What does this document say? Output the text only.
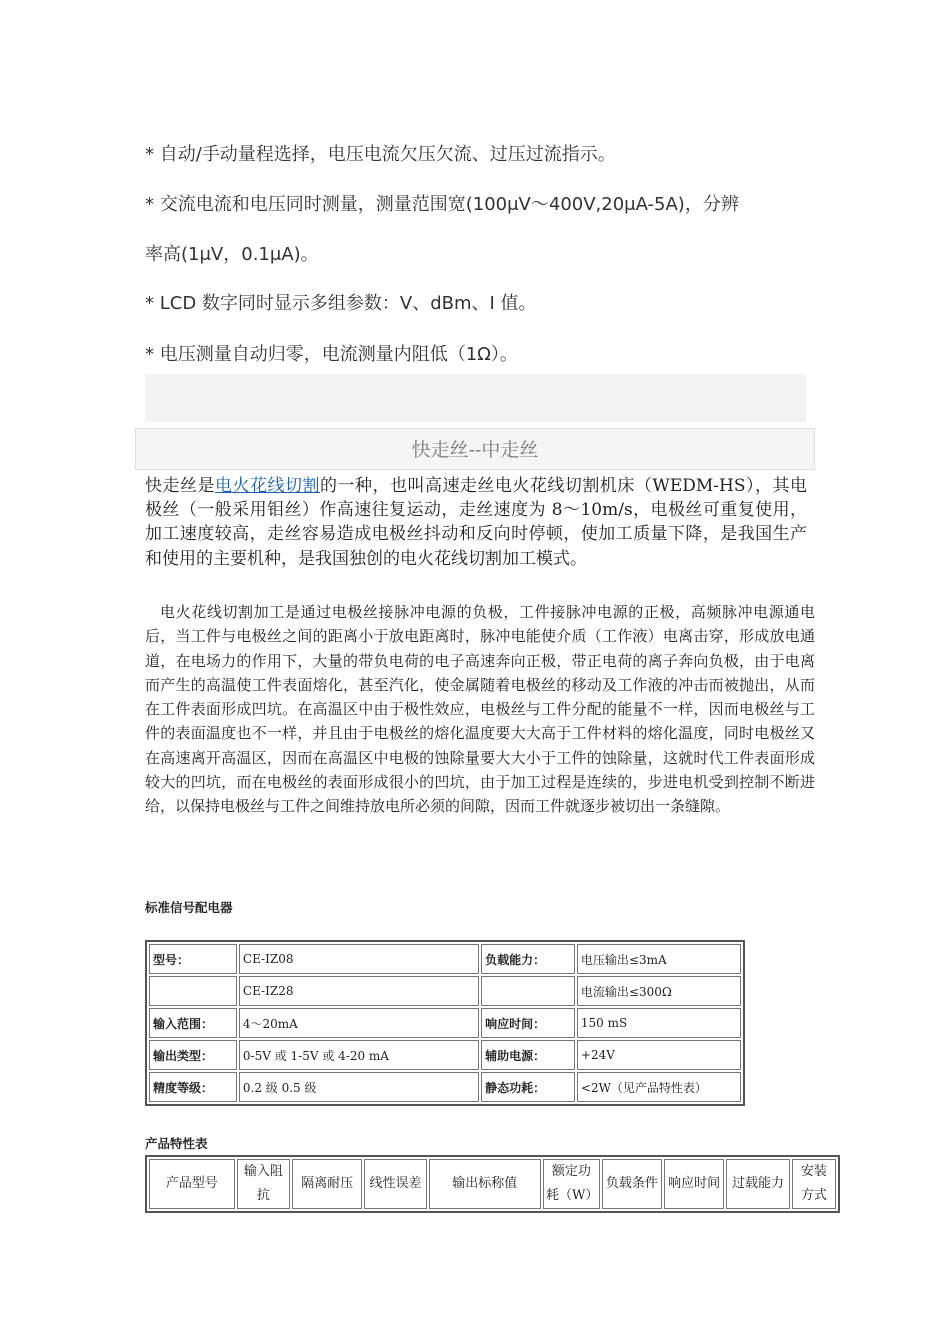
* 自动/手动量程选择，电压电流欠压欠流、过压过流指示。
* 交流电流和电压同时测量，测量范围宽(100μV～400V,20μA-5A)，分辨
率高(1μV，0.1μA)。
* LCD 数字同时显示多组参数：V、dBm、I 值。
* 电压测量自动归零，电流测量内阻低（1Ω）。
快走丝--中走丝
快走丝是电火花线切割的一种，也叫高速走丝电火花线切割机床（WEDM-HS），其电极丝（一般采用钼丝）作高速往复运动，走丝速度为 8～10m/s，电极丝可重复使用，加工速度较高，走丝容易造成电极丝抖动和反向时停顿，使加工质量下降，是我国生产和使用的主要机种，是我国独创的电火花线切割加工模式。
电火花线切割加工是通过电极丝接脉冲电源的负极，工件接脉冲电源的正极，高频脉冲电源通电后，当工件与电极丝之间的距离小于放电距离时，脉冲电能使介质（工作液）电离击穿，形成放电通道，在电场力的作用下，大量的带负电荷的电子高速奔向正极，带正电荷的离子奔向负极，由于电离而产生的高温使工件表面熔化，甚至汽化，使金属随着电极丝的移动及工作液的冲击而被抛出，从而在工件表面形成凹坑。在高温区中由于极性效应，电极丝与工件分配的能量不一样，因而电极丝与工件的表面温度也不一样，并且由于电极丝的熔化温度要大大高于工件材料的熔化温度，同时电极丝又在高速离开高温区，因而在高温区中电极的蚀除量要大大小于工件的蚀除量，这就时代工件表面形成较大的凹坑，而在电极丝的表面形成很小的凹坑，由于加工过程是连续的，步进电机受到控制不断进给，以保持电极丝与工件之间维持放电所必须的间隙，因而工件就逐步被切出一条缝隙。
标准信号配电器
型号：	CE-IZ08	负载能力：	电压输出≤3mA
	CE-IZ28		电流输出≤300Ω
输入范围：	4～20mA	响应时间：	150 mS
输出类型：	0-5V 或 1-5V 或 4-20 mA	辅助电源：	+24V
精度等级：	0.2 级 0.5 级	静态功耗：	<2W（见产品特性表）
产品特性表
产品型号	输入阻抗	隔离耐压	线性误差	输出标称值	额定功耗（W）	负载条件	响应时间	过载能力	安装方式
